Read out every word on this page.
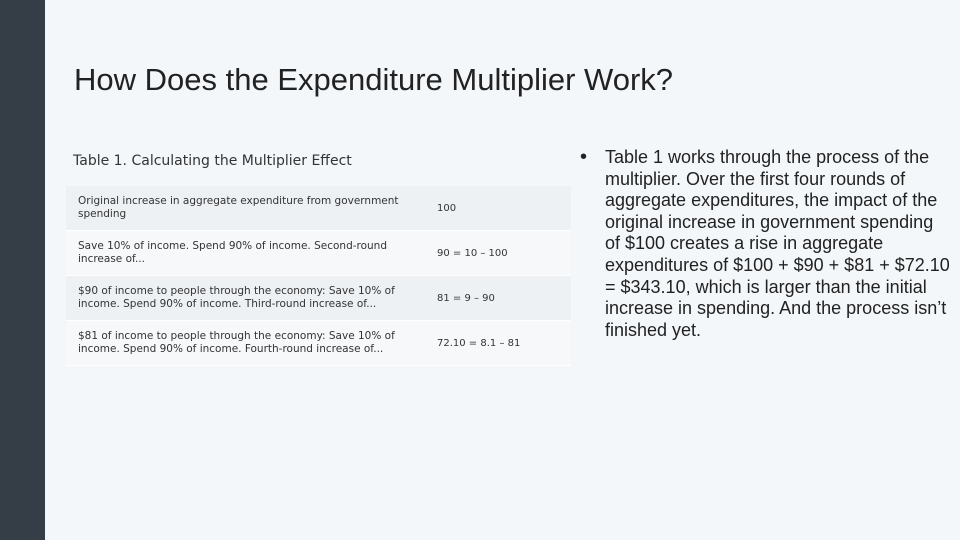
How Does the Expenditure Multiplier Work?
Table 1. Calculating the Multiplier Effect
Original increase in aggregate expenditure from government spending	100
Save 10% of income. Spend 90% of income. Second-round increase of...	90 = 10 – 100
$90 of income to people through the economy: Save 10% of income. Spend 90% of income. Third-round increase of...	81 = 9 – 90
$81 of income to people through the economy: Save 10% of income. Spend 90% of income. Fourth-round increase of...	72.10 = 8.1 – 81
• Table 1 works through the process of the multiplier. Over the first four rounds of aggregate expenditures, the impact of the original increase in government spending of $100 creates a rise in aggregate expenditures of $100 + $90 + $81 + $72.10 = $343.10, which is larger than the initial increase in spending. And the process isn’t finished yet.
